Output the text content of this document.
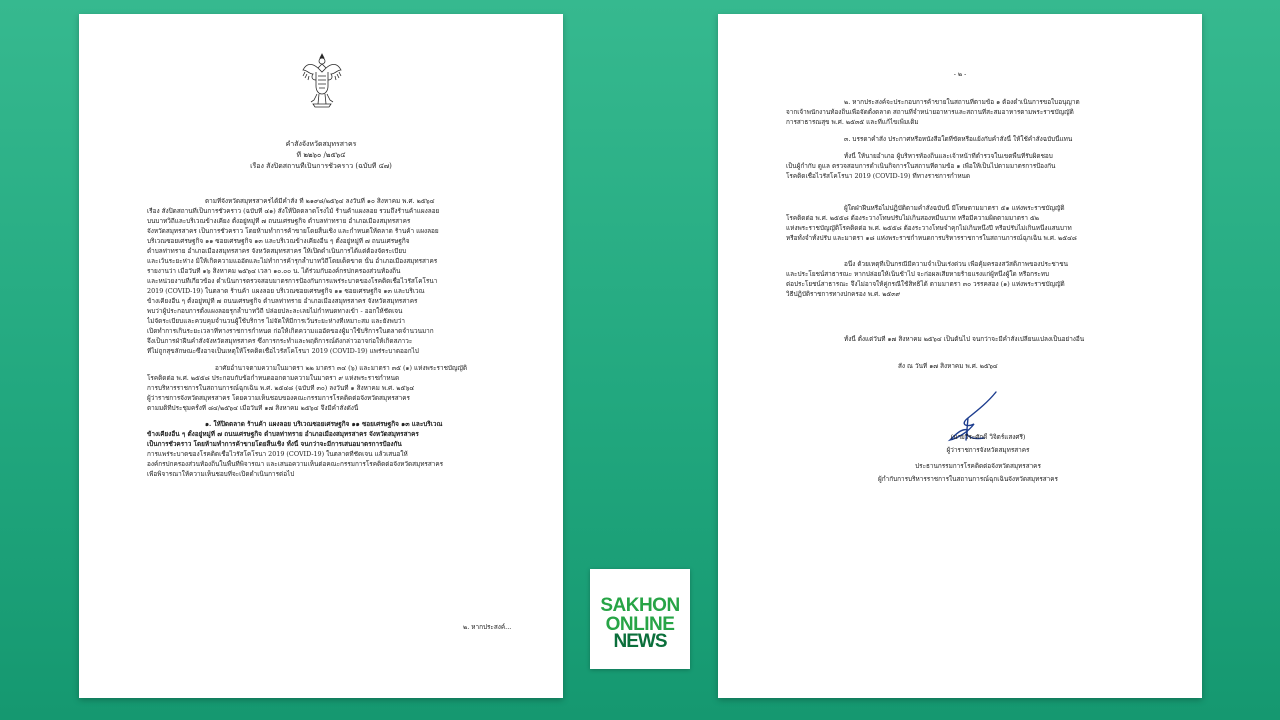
คำสั่งจังหวัดสมุทรสาคร
ที่ ๒๒๖๐ /๒๕๖๔
เรื่อง สั่งปิดสถานที่เป็นการชั่วคราว (ฉบับที่ ๔๗)
ตามที่จังหวัดสมุทรสาครได้มีคำสั่ง ที่ ๒๑๙๘/๒๕๖๔ ลงวันที่ ๑๐ สิงหาคม พ.ศ. ๒๕๖๔
เรื่อง สั่งปิดสถานที่เป็นการชั่วคราว (ฉบับที่ ๔๑) สั่งให้ปิดตลาดโรงไม้ ร้านค้าแผงลอย รวมถึงร้านค้าแผงลอย
บนบาทวิถีและบริเวณข้างเคียง ตั้งอยู่หมู่ที่ ๗ ถนนเศรษฐกิจ ตำบลท่าทราย อำเภอเมืองสมุทรสาคร
จังหวัดสมุทรสาคร เป็นการชั่วคราว โดยห้ามทำการค้าขายโดยสิ้นเชิง และกำหนดให้ตลาด ร้านค้า แผงลอย
บริเวณซอยเศรษฐกิจ ๑๑ ซอยเศรษฐกิจ ๑๓ และบริเวณข้างเคียงอื่น ๆ ตั้งอยู่หมู่ที่ ๗ ถนนเศรษฐกิจ
ตำบลท่าทราย อำเภอเมืองสมุทรสาคร จังหวัดสมุทรสาคร ให้เปิดดำเนินการได้แต่ต้องจัดระเบียบ
และเว้นระยะห่าง มิให้เกิดความแออัดและไม่ทำการค้ารุกล้ำบาทวิถีโดยเด็ดขาด นั้น อำเภอเมืองสมุทรสาคร
รายงานว่า เมื่อวันที่ ๑๖ สิงหาคม ๒๕๖๔ เวลา ๑๐.๐๐ น. ได้ร่วมกับองค์กรปกครองส่วนท้องถิ่น
และหน่วยงานที่เกี่ยวข้อง ดำเนินการตรวจสอบมาตรการป้องกันการแพร่ระบาดของโรคติดเชื้อไวรัสโคโรนา
2019 (COVID-19) ในตลาด ร้านค้า แผงลอย บริเวณซอยเศรษฐกิจ ๑๑ ซอยเศรษฐกิจ ๑๓ และบริเวณ
ข้างเคียงอื่น ๆ ตั้งอยู่หมู่ที่ ๗ ถนนเศรษฐกิจ ตำบลท่าทราย อำเภอเมืองสมุทรสาคร จังหวัดสมุทรสาคร
พบว่าผู้ประกอบการตั้งแผงลอยรุกล้ำบาทวิถี ปล่อยปละละเลยไม่กำหนดทางเข้า - ออกให้ชัดเจน
ไม่จัดระเบียบและควบคุมจำนวนผู้ใช้บริการ ไม่จัดให้มีการเว้นระยะห่างที่เหมาะสม และยังพบว่า
เปิดทำการเกินระยะเวลาที่ทางราชการกำหนด ก่อให้เกิดความแออัดของผู้มาใช้บริการในตลาดจำนวนมาก
จึงเป็นการฝ่าฝืนคำสั่งจังหวัดสมุทรสาคร ซึ่งการกระทำและพฤติการณ์ดังกล่าวอาจก่อให้เกิดสภาวะ
ที่ไม่ถูกสุขลักษณะซึ่งอาจเป็นเหตุให้โรคติดเชื้อไวรัสโคโรนา 2019 (COVID-19) แพร่ระบาดออกไป
อาศัยอำนาจตามความในมาตรา ๒๒ มาตรา ๓๔ (๖) และมาตรา ๓๕ (๑) แห่งพระราชบัญญัติ
โรคติดต่อ พ.ศ. ๒๕๕๘ ประกอบกับข้อกำหนดออกตามความในมาตรา ๙ แห่งพระราชกำหนด
การบริหารราชการในสถานการณ์ฉุกเฉิน พ.ศ. ๒๕๔๘ (ฉบับที่ ๓๐) ลงวันที่ ๑ สิงหาคม พ.ศ. ๒๕๖๔
ผู้ว่าราชการจังหวัดสมุทรสาคร โดยความเห็นชอบของคณะกรรมการโรคติดต่อจังหวัดสมุทรสาคร
ตามมติที่ประชุมครั้งที่ ๘๔/๒๕๖๔ เมื่อวันที่ ๑๗ สิงหาคม ๒๕๖๔ จึงมีคำสั่งดังนี้
๑. ให้ปิดตลาด ร้านค้า แผงลอย บริเวณซอยเศรษฐกิจ ๑๑ ซอยเศรษฐกิจ ๑๓ และบริเวณ
ข้างเคียงอื่น ๆ ตั้งอยู่หมู่ที่ ๗ ถนนเศรษฐกิจ ตำบลท่าทราย อำเภอเมืองสมุทรสาคร จังหวัดสมุทรสาคร
เป็นการชั่วคราว โดยห้ามทำการค้าขายโดยสิ้นเชิง ทั้งนี้ จนกว่าจะมีการเสนอมาตรการป้องกัน
การแพร่ระบาดของโรคติดเชื้อไวรัสโคโรนา 2019 (COVID-19) ในตลาดที่ชัดเจน แล้วเสนอให้
องค์กรปกครองส่วนท้องถิ่นในพื้นที่พิจารณา และเสนอความเห็นต่อคณะกรรมการโรคติดต่อจังหวัดสมุทรสาคร
เพื่อพิจารณาให้ความเห็นชอบที่จะเปิดดำเนินการต่อไป
๒. หากประสงค์...
- ๒ -
๒. หากประสงค์จะประกอบการค้าขายในสถานที่ตามข้อ ๑ ต้องดำเนินการขอใบอนุญาต
จากเจ้าพนักงานท้องถิ่นเพื่อจัดตั้งตลาด สถานที่จำหน่ายอาหารและสถานที่สะสมอาหารตามพระราชบัญญัติ
การสาธารณสุข พ.ศ. ๒๕๓๕ และที่แก้ไขเพิ่มเติม
๓. บรรดาคำสั่ง ประกาศหรือหนังสือใดที่ขัดหรือแย้งกับคำสั่งนี้ ให้ใช้คำสั่งฉบับนี้แทน
ทั้งนี้ ให้นายอำเภอ ผู้บริหารท้องถิ่นและเจ้าหน้าที่ตำรวจในเขตพื้นที่รับผิดชอบ
เป็นผู้กำกับ ดูแล ตรวจสอบการดำเนินกิจการในสถานที่ตามข้อ ๑ เพื่อให้เป็นไปตามมาตรการป้องกัน
โรคติดเชื้อไวรัสโคโรนา 2019 (COVID-19) ที่ทางราชการกำหนด
ผู้ใดฝ่าฝืนหรือไม่ปฏิบัติตามคำสั่งฉบับนี้ มีโทษตามมาตรา ๕๑ แห่งพระราชบัญญัติ
โรคติดต่อ พ.ศ. ๒๕๕๘ ต้องระวางโทษปรับไม่เกินสองหมื่นบาท หรือมีความผิดตามมาตรา ๕๒
แห่งพระราชบัญญัติโรคติดต่อ พ.ศ. ๒๕๕๘ ต้องระวางโทษจำคุกไม่เกินหนึ่งปี หรือปรับไม่เกินหนึ่งแสนบาท
หรือทั้งจำทั้งปรับ และมาตรา ๑๘ แห่งพระราชกำหนดการบริหารราชการในสถานการณ์ฉุกเฉิน พ.ศ. ๒๕๔๘
อนึ่ง ด้วยเหตุที่เป็นกรณีมีความจำเป็นเร่งด่วน เพื่อคุ้มครองสวัสดิภาพของประชาชน
และประโยชน์สาธารณะ หากปล่อยให้เนิ่นช้าไป จะก่อผลเสียหายร้ายแรงแก่ผู้หนึ่งผู้ใด หรือกระทบ
ต่อประโยชน์สาธารณะ จึงไม่อาจให้คู่กรณีใช้สิทธิได้ ตามมาตรา ๓๐ วรรคสอง (๑) แห่งพระราชบัญญัติ
วิธีปฏิบัติราชการทางปกครอง พ.ศ. ๒๕๓๙
ทั้งนี้ ตั้งแต่วันที่ ๑๗ สิงหาคม ๒๕๖๔ เป็นต้นไป จนกว่าจะมีคำสั่งเปลี่ยนแปลงเป็นอย่างอื่น
สั่ง ณ วันที่ ๑๗ สิงหาคม พ.ศ. ๒๕๖๔
(นายวีระศักดิ์ วิจิตร์แสงศรี)
ผู้ว่าราชการจังหวัดสมุทรสาคร
ประธานกรรมการโรคติดต่อจังหวัดสมุทรสาคร
ผู้กำกับการบริหารราชการในสถานการณ์ฉุกเฉินจังหวัดสมุทรสาคร
SAKHON
ONLINE
NEWS
